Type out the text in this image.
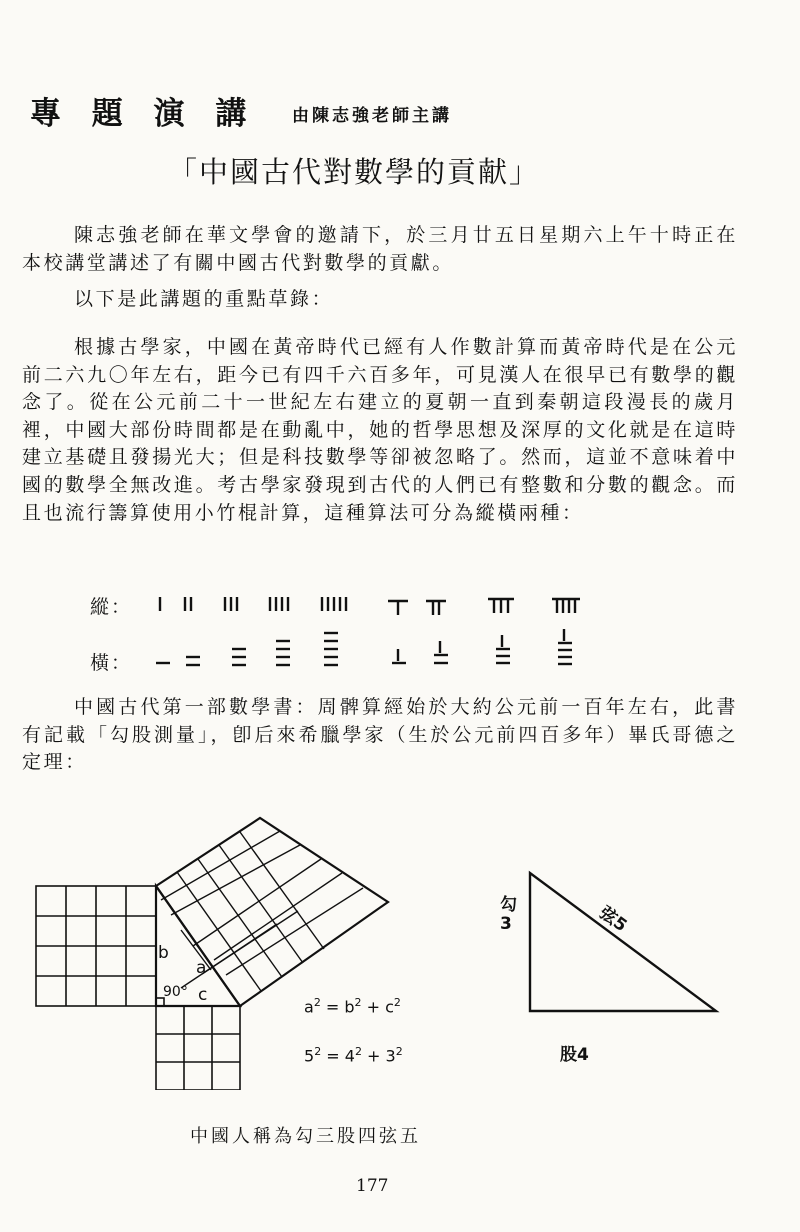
專 題 演 講 由陳志強老師主講
「中國古代對數學的貢献」
陳志強老師在華文學會的邀請下，於三月廿五日星期六上午十時正在本校講堂講述了有關中國古代對數學的貢獻。
以下是此講題的重點草錄：
根據古學家，中國在黃帝時代已經有人作數計算而黃帝時代是在公元前二六九〇年左右，距今已有四千六百多年，可見漢人在很早已有數學的觀念了。從在公元前二十一世紀左右建立的夏朝一直到秦朝這段漫長的歲月裡，中國大部份時間都是在動亂中，她的哲學思想及深厚的文化就是在這時建立基礎且發揚光大；但是科技數學等卻被忽略了。然而，這並不意味着中國的數學全無改進。考古學家發現到古代的人們已有整數和分數的觀念。而且也流行籌算使用小竹棍計算，這種算法可分為縱橫兩種：
縱：
橫：
中國古代第一部數學書：周髀算經始於大約公元前一百年左右，此書有記載「勾股測量」，卽后來希臘學家（生於公元前四百多年）畢氏哥德之定理：
b
a
90° c
$a^2 = b^2 + c^2$
$5^2 = 4^2 + 3^2$
勾
3	弦5
股4
中國人稱為勾三股四弦五
177
